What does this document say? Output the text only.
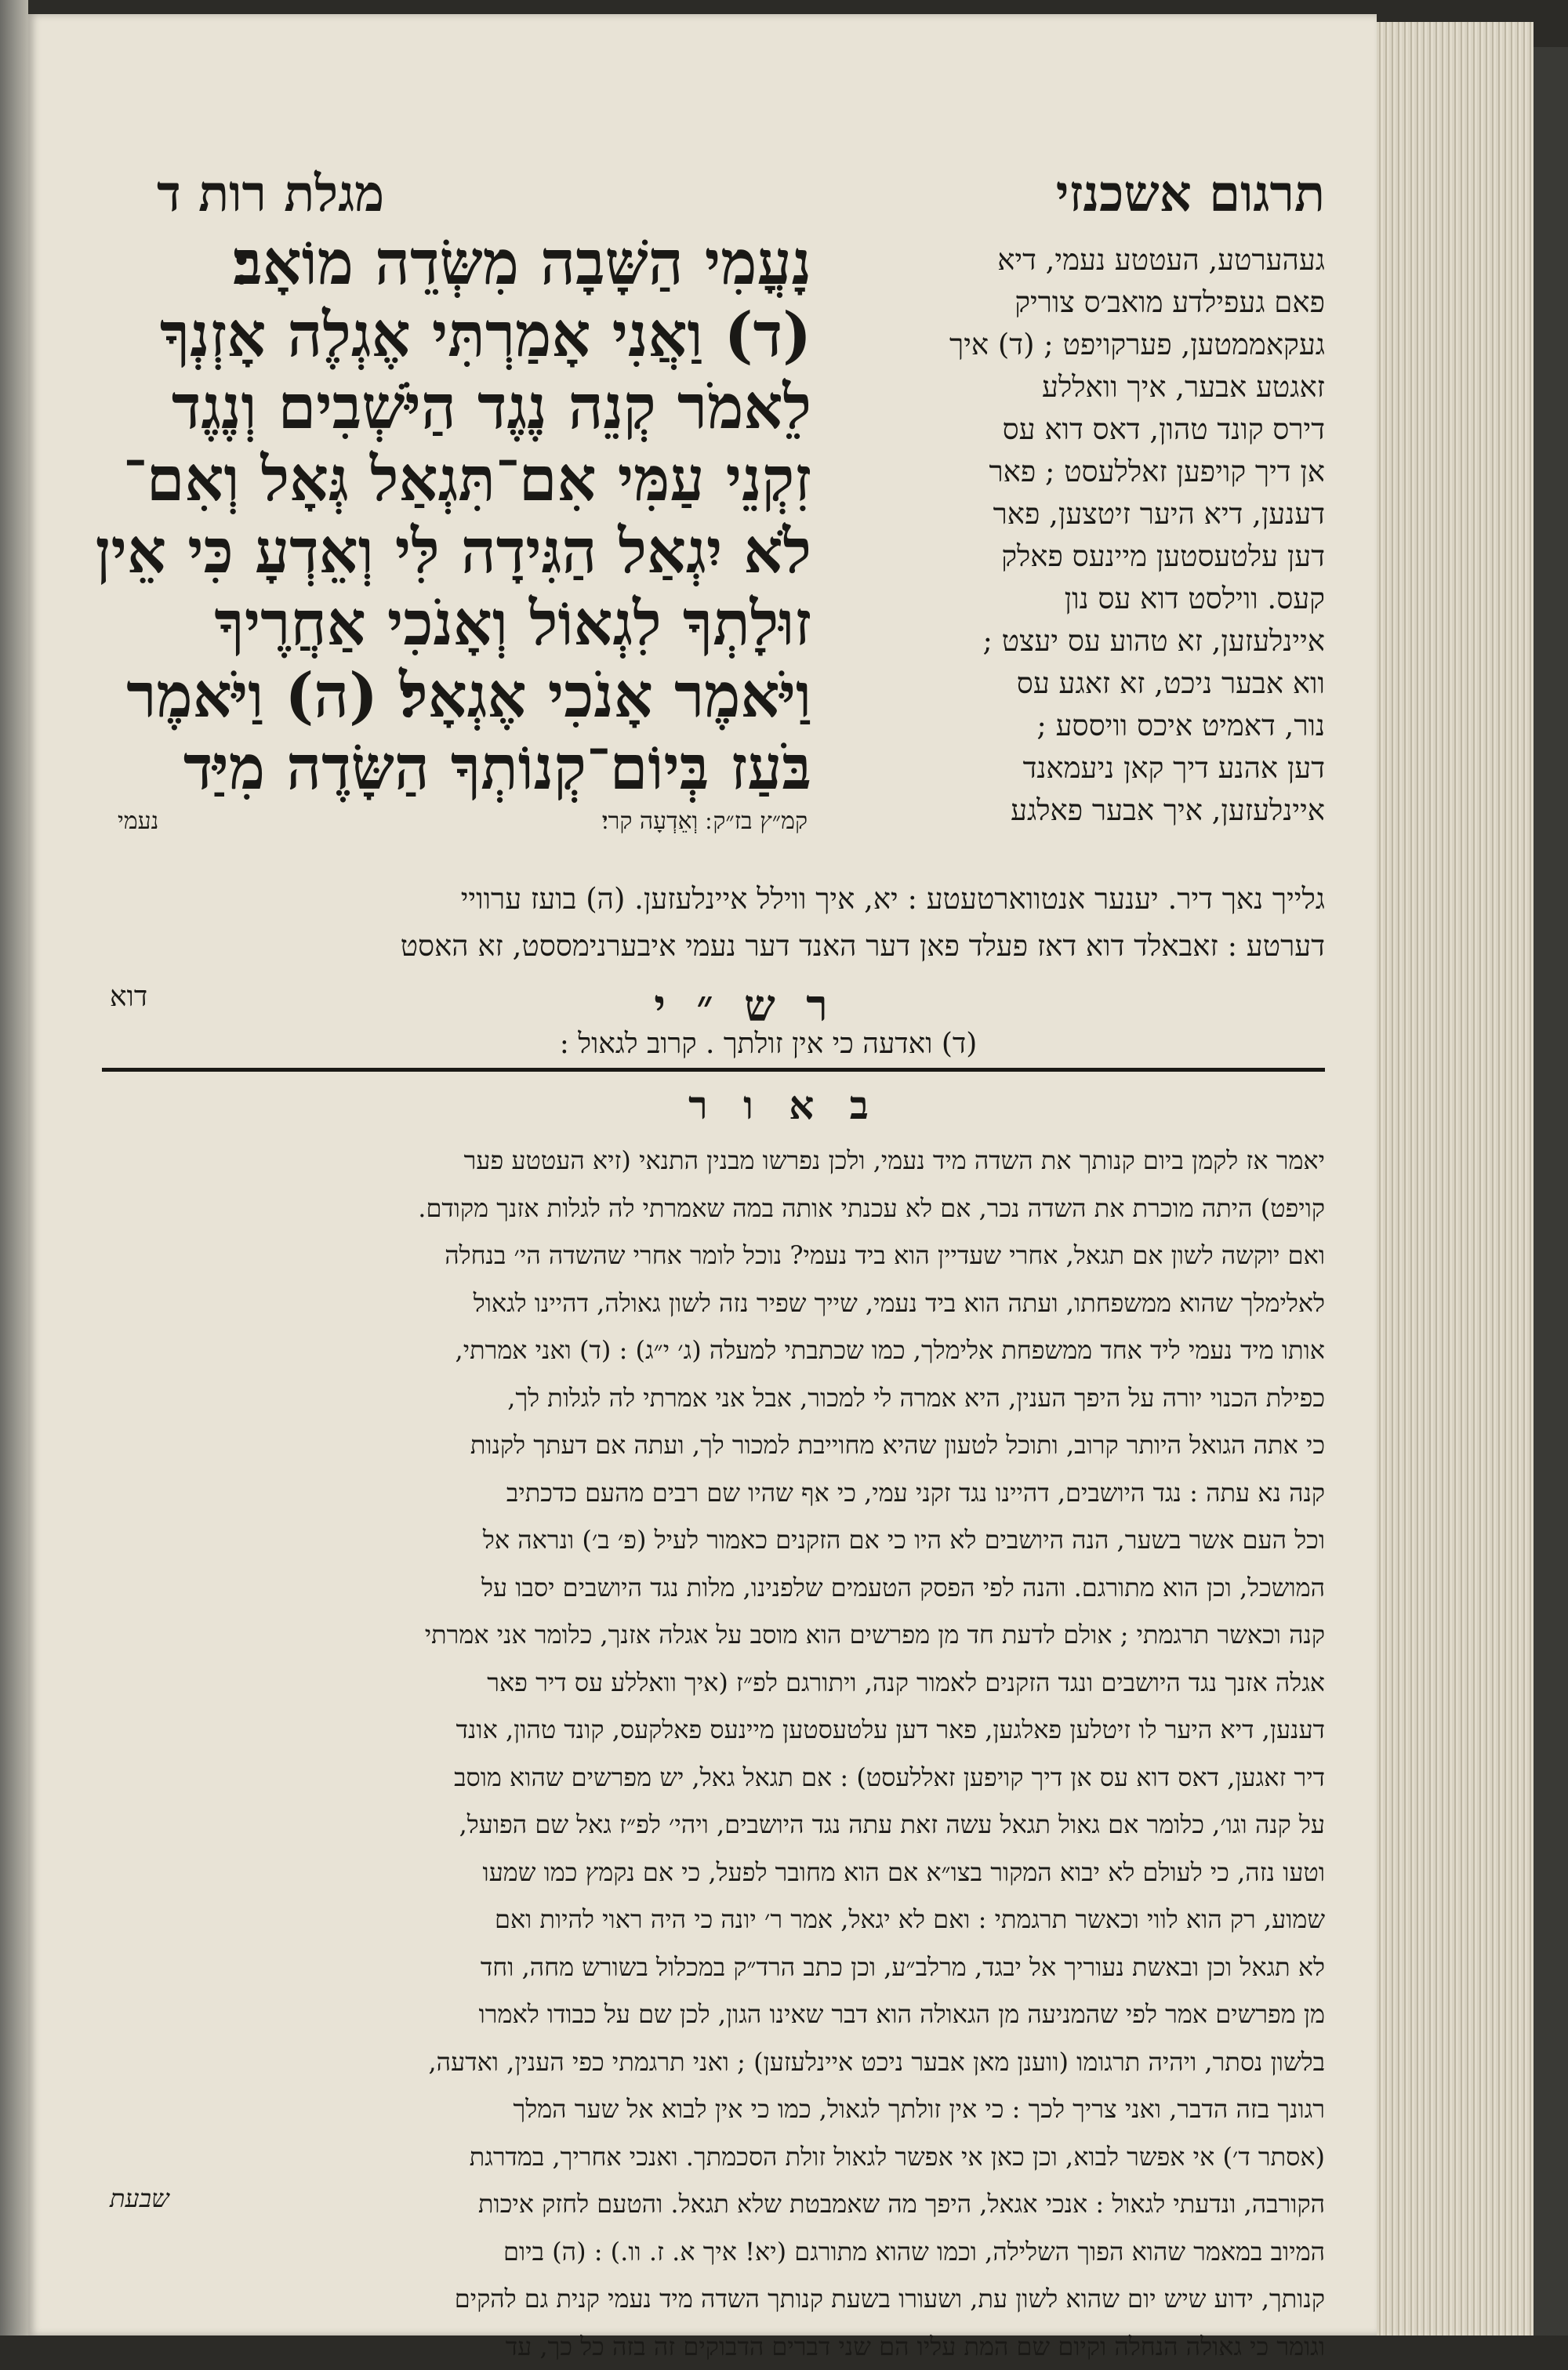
תרגום אשכנזי
מגלת רות ד
געהערטע, העטטע נעמי, דיא
פאם געפילדע מואב׳ס צוריק
געקאממטען, פערקויפט ; (ד) איך
זאגטע אבער, איך וואללע
דירס קונד טהון, דאס דוא עס
אן דיך קויפען זאללעסט ; פאר
דענען, דיא היער זיטצען, פאר
דען עלטעסטען מיינעס פאלק
קעס. ווילסט דוא עס נון
איינלעזען, זא טהוע עס יעצט ;
ווא אבער ניכט, זא זאגע עס
נור, דאמיט איכס וויססע ;
דען אהנע דיך קאן ניעמאנד
איינלעזען, איך אבער פאלגע
נָעֳמִי הַשָּׁבָה מִשְּׂדֵה מוֹאָב׃
(ד) וַאֲנִי אָמַרְתִּי אֶגְלֶה אָזְנְךָ
לֵאמֹר קְנֵה נֶגֶד הַיֹּשְׁבִים וְנֶגֶד
זִקְנֵי עַמִּי אִם־תִּגְאַל גְּאָל וְאִם־
לֹא יִגְאַל הַגִּידָה לִּי וְאֵדְעָ כִּי אֵין
זוּלָתְךָ לִגְאוֹל וְאָנֹכִי אַחֲרֶיךָ
וַיֹּאמֶר אָנֹכִי אֶגְאָל׃ (ה) וַיֹּאמֶר
בֹּעַז בְּיוֹם־קְנוֹתְךָ הַשָּׂדֶה מִיַּד
קמ״ץ בז״ק ׃ וְאֵדְעָה קרי׃
נעמי
גלייך נאך דיר. יענער אנטווארטעטע : יא, איך ווילל איינלעזען. (ה) בועז ערוויי
דערטע : זאבאלד דוא דאז פעלד פאן דער האנד דער נעמי איבערנימססט, זא האסט
דוא	ר ש ״ י
(ד) ואדעה כי אין זולתך . קרוב לגאול :
ב א ו ר
יאמר אז לקמן ביום קנותך את השדה מיד נעמי, ולכן נפרשו מבנין התנאי (זיא העטטע פער
קויפט) היתה מוכרת את השדה נכר, אם לא עכנתי אותה במה שאמרתי לה לגלות אזנך מקודם.
ואם יוקשה לשון אם תגאל, אחרי שעדיין הוא ביד נעמי? נוכל לומר אחרי שהשדה הי׳ בנחלה
לאלימלך שהוא ממשפחתו, ועתה הוא ביד נעמי, שייך שפיר נזה לשון גאולה, דהיינו לגאול
אותו מיד נעמי ליד אחד ממשפחת אלימלך, כמו שכתבתי למעלה (ג׳ י״ג) : (ד) ואני אמרתי,
כפילת הכנוי יורה על היפך הענין, היא אמרה לי למכור, אבל אני אמרתי לה לגלות לך,
כי אתה הגואל היותר קרוב, ותוכל לטעון שהיא מחוייבת למכור לך, ועתה אם דעתך לקנות
קנה נא עתה : נגד היושבים, דהיינו נגד זקני עמי, כי אף שהיו שם רבים מהעם כדכתיב
וכל העם אשר בשער, הנה היושבים לא היו כי אם הזקנים כאמור לעיל (פ׳ ב׳) ונראה אל
המושכל, וכן הוא מתורגם. והנה לפי הפסק הטעמים שלפנינו, מלות נגד היושבים יסבו על
קנה וכאשר תרגמתי ; אולם לדעת חד מן מפרשים הוא מוסב על אגלה אזנך, כלומר אני אמרתי
אגלה אזנך נגד היושבים ונגד הזקנים לאמור קנה, ויתורגם לפ״ז (איך וואללע עס דיר פאר
דענען, דיא היער לו זיטלען פאלגען, פאר דען עלטעסטען מיינעס פאלקעס, קונד טהון, אונד
דיר זאגען, דאס דוא עס אן דיך קויפען זאללעסט) : אם תגאל גאל, יש מפרשים שהוא מוסב
על קנה וגו׳, כלומר אם גאול תגאל עשה זאת עתה נגד היושבים, ויהי׳ לפ״ז גאל שם הפועל,
וטעו נזה, כי לעולם לא יבוא המקור בצו״א אם הוא מחובר לפעל, כי אם נקמץ כמו שמעו
שמוע, רק הוא לווי וכאשר תרגמתי : ואם לא יגאל, אמר ר׳ יונה כי היה ראוי להיות ואם
לא תגאל וכן ובאשת נעוריך אל יבגד, מרלב״ע, וכן כתב הרד״ק במכלול בשורש מחה, וחד
מן מפרשים אמר לפי שהמניעה מן הגאולה הוא דבר שאינו הגון, לכן שם על כבודו לאמרו
בלשון נסתר, ויהיה תרגומו (ווענן מאן אבער ניכט איינלעזען) ; ואני תרגמתי כפי הענין, ואדעה,
רגונך בזה הדבר, ואני צריך לכך : כי אין זולתך לגאול, כמו כי אין לבוא אל שער המלך
(אסתר ד׳) אי אפשר לבוא, וכן כאן אי אפשר לגאול זולת הסכמתך. ואנכי אחריך, במדרגת
הקורבה, ונדעתי לגאול : אנכי אגאל, היפך מה שאמבטת שלא תגאל. והטעם לחזק איכות
המיוב במאמר שהוא הפוך השלילה, וכמו שהוא מתורגם (יא! איך א. ז. וו.) : (ה) ביום
קנותך, ידוע שיש יום שהוא לשון עת, ושעורו בשעת קנותך השדה מיד נעמי קנית גם להקים
וגומר כי גאולה הנחלה וקיום שם המת עליו הם שני דברים הדבוקים זה בזה כל כך, עד
שבעת
